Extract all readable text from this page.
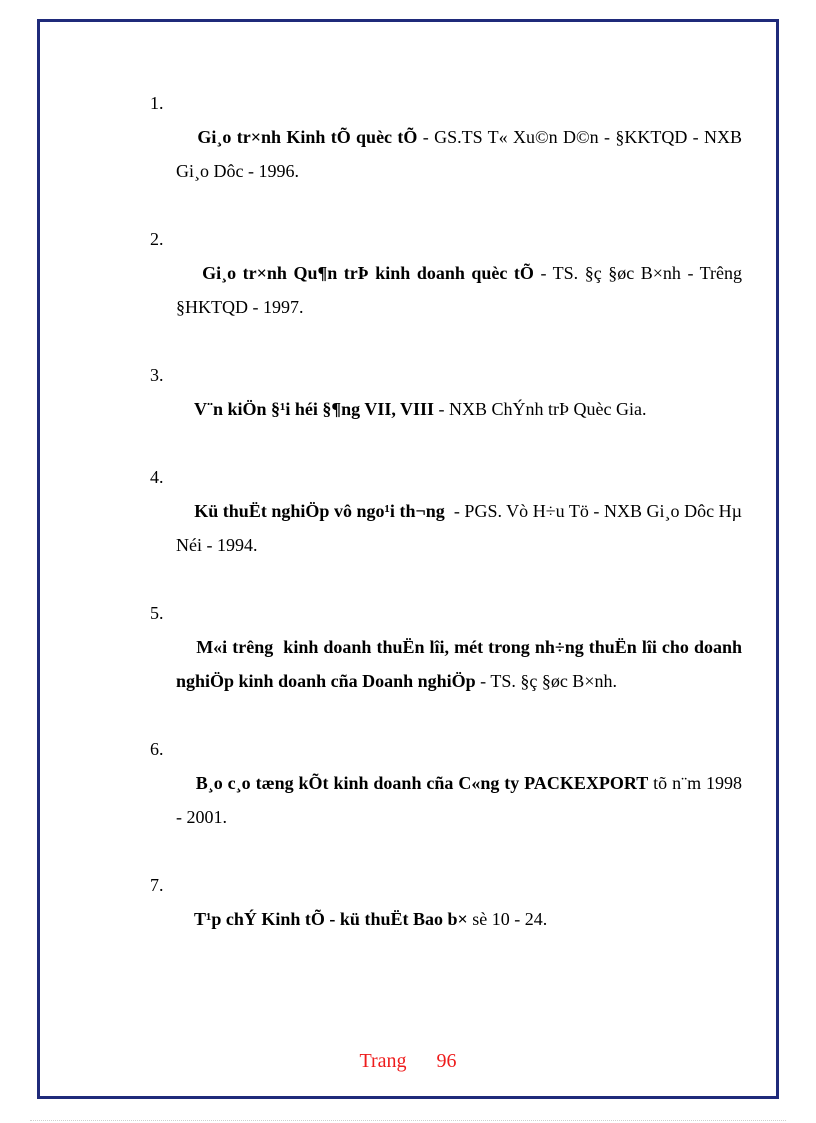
1.
Gi¸o tr×nh Kinh tÕ quèc tÕ - GS.TS T« Xu©n D©n - §KKTQD - NXB Gi¸o Dôc - 1996.

2.
Gi¸o tr×nh Qu¶n trÞ kinh doanh quèc tÕ - TS. §ç §øc B×nh - Trêng §HKTQD - 1997.

3.
V¨n kiÖn §¹i héi §¶ng VII, VIII - NXB ChÝnh trÞ Quèc Gia.

4.
Kü thuËt nghiÖp vô ngo¹i th¬ng  - PGS. Vò H÷u Tö - NXB Gi¸o Dôc Hµ Néi - 1994.

5.
M«i trêng  kinh doanh thuËn lîi, mét trong nh÷ng thuËn lîi cho doanh nghiÖp kinh doanh cña Doanh nghiÖp - TS. §ç §øc B×nh.

6.
B¸o c¸o tæng kÕt kinh doanh cña C«ng ty PACKEXPORT tõ n¨m 1998 - 2001.

7.
T¹p chÝ Kinh tÕ - kü thuËt Bao b× sè 10 - 24.

Trang 96
